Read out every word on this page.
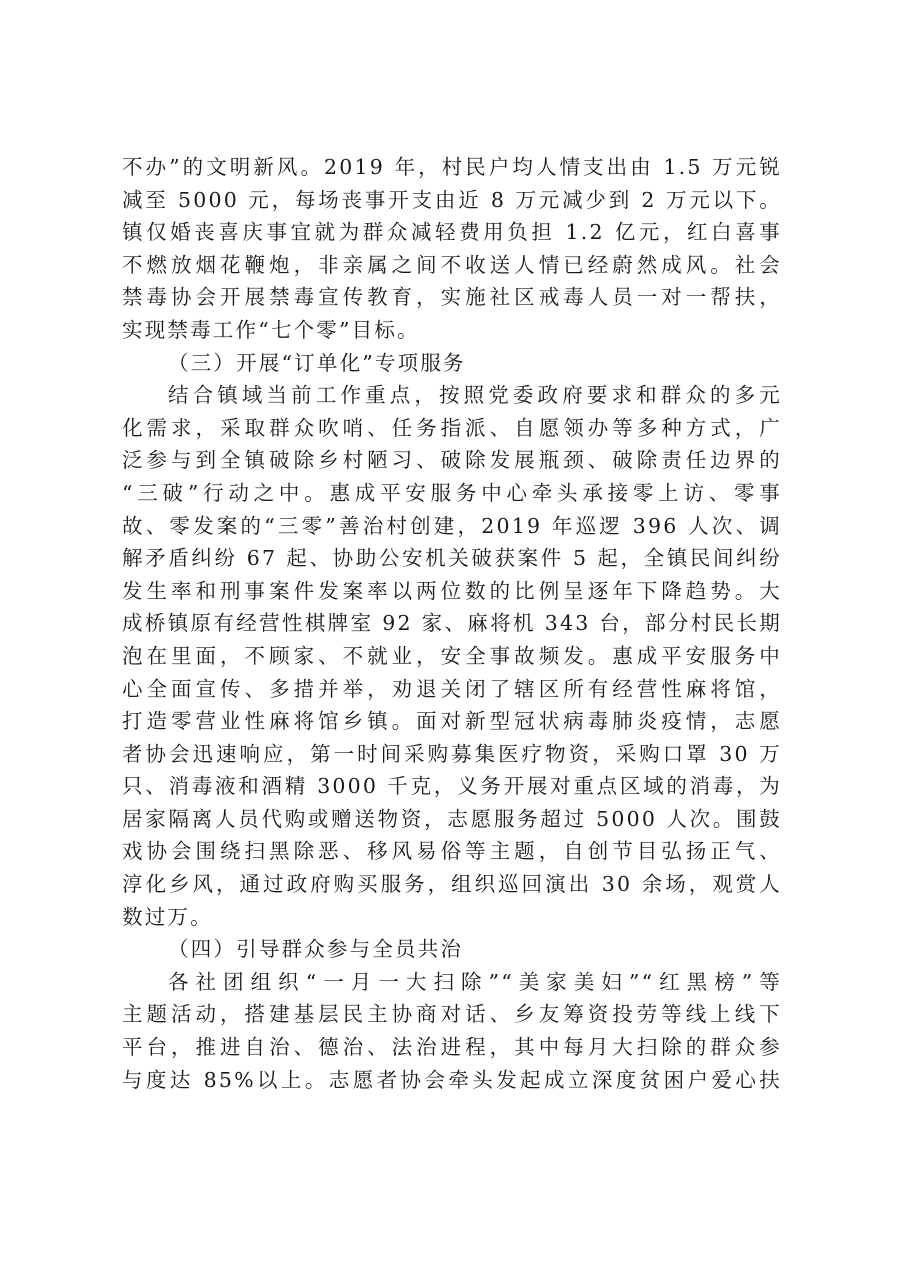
不办”的文明新风。2019 年，村民户均人情支出由 1.5 万元锐
减至 5000 元，每场丧事开支由近 8 万元减少到 2 万元以下。
镇仅婚丧喜庆事宜就为群众减轻费用负担 1.2 亿元，红白喜事
不燃放烟花鞭炮，非亲属之间不收送人情已经蔚然成风。社会
禁毒协会开展禁毒宣传教育，实施社区戒毒人员一对一帮扶，
实现禁毒工作“七个零”目标。
（三）开展“订单化”专项服务
结合镇域当前工作重点，按照党委政府要求和群众的多元
化需求，采取群众吹哨、任务指派、自愿领办等多种方式，广
泛参与到全镇破除乡村陋习、破除发展瓶颈、破除责任边界的
“三破”行动之中。惠成平安服务中心牵头承接零上访、零事
故、零发案的“三零”善治村创建，2019 年巡逻 396 人次、调
解矛盾纠纷 67 起、协助公安机关破获案件 5 起，全镇民间纠纷
发生率和刑事案件发案率以两位数的比例呈逐年下降趋势。大
成桥镇原有经营性棋牌室 92 家、麻将机 343 台，部分村民长期
泡在里面，不顾家、不就业，安全事故频发。惠成平安服务中
心全面宣传、多措并举，劝退关闭了辖区所有经营性麻将馆，
打造零营业性麻将馆乡镇。面对新型冠状病毒肺炎疫情，志愿
者协会迅速响应，第一时间采购募集医疗物资，采购口罩 30 万
只、消毒液和酒精 3000 千克，义务开展对重点区域的消毒，为
居家隔离人员代购或赠送物资，志愿服务超过 5000 人次。围鼓
戏协会围绕扫黑除恶、移风易俗等主题，自创节目弘扬正气、
淳化乡风，通过政府购买服务，组织巡回演出 30 余场，观赏人
数过万。
（四）引导群众参与全员共治
各社团组织“一月一大扫除”“美家美妇”“红黑榜”等
主题活动，搭建基层民主协商对话、乡友筹资投劳等线上线下
平台，推进自治、德治、法治进程，其中每月大扫除的群众参
与度达 85%以上。志愿者协会牵头发起成立深度贫困户爱心扶
